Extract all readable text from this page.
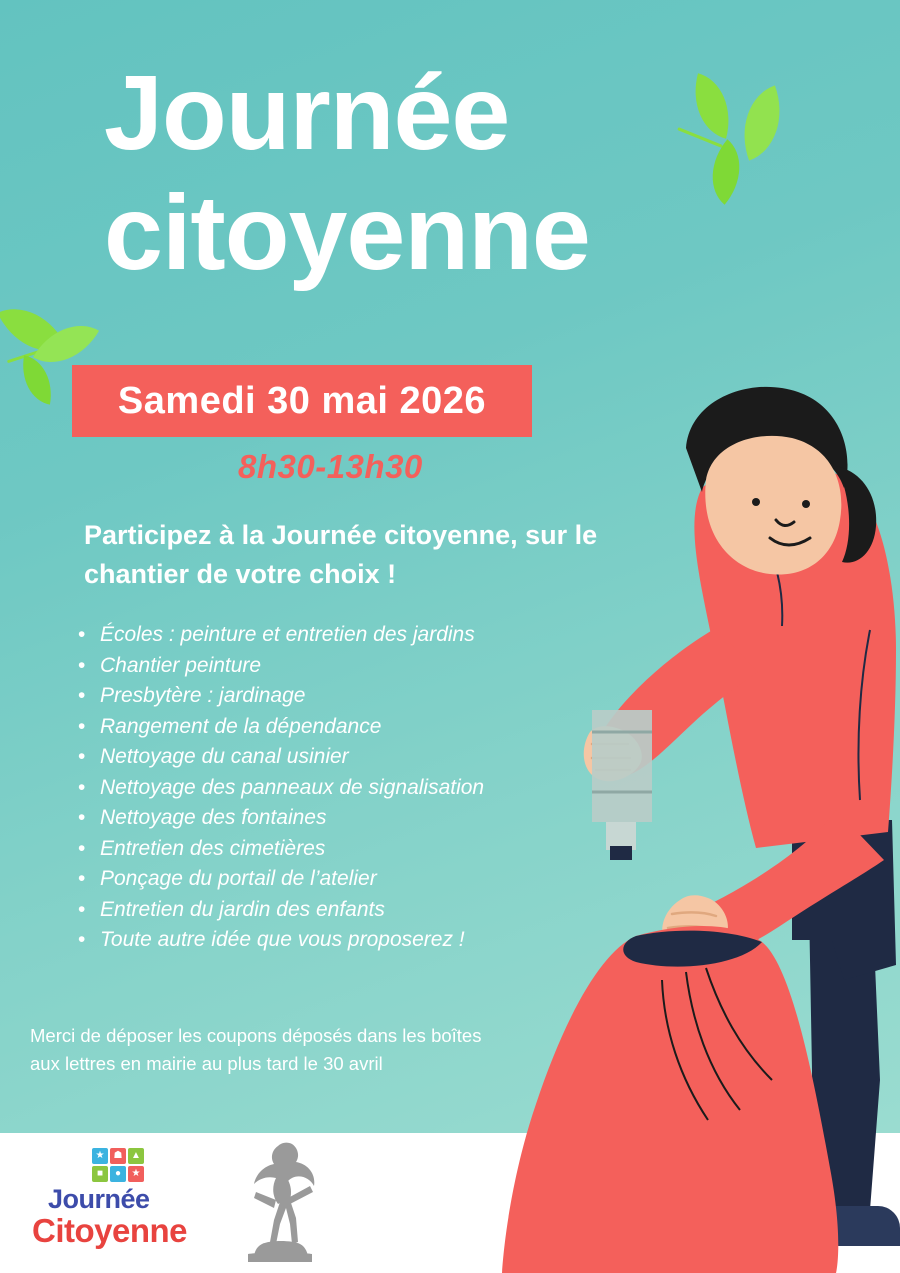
Journée
citoyenne
Samedi 30 mai 2026
8h30-13h30
Participez à la Journée citoyenne, sur le chantier de votre choix !
• Écoles : peinture et entretien des jardins
• Chantier peinture
• Presbytère : jardinage
• Rangement de la dépendance
• Nettoyage du canal usinier
• Nettoyage des panneaux de signalisation
• Nettoyage des fontaines
• Entretien des cimetières
• Ponçage du portail de l’atelier
• Entretien du jardin des enfants
• Toute autre idée que vous proposerez !
Merci de déposer les coupons déposés dans les boîtes aux lettres en mairie au plus tard le 30 avril
★ ☗ ▲
■	●	★
Journée
Citoyenne
